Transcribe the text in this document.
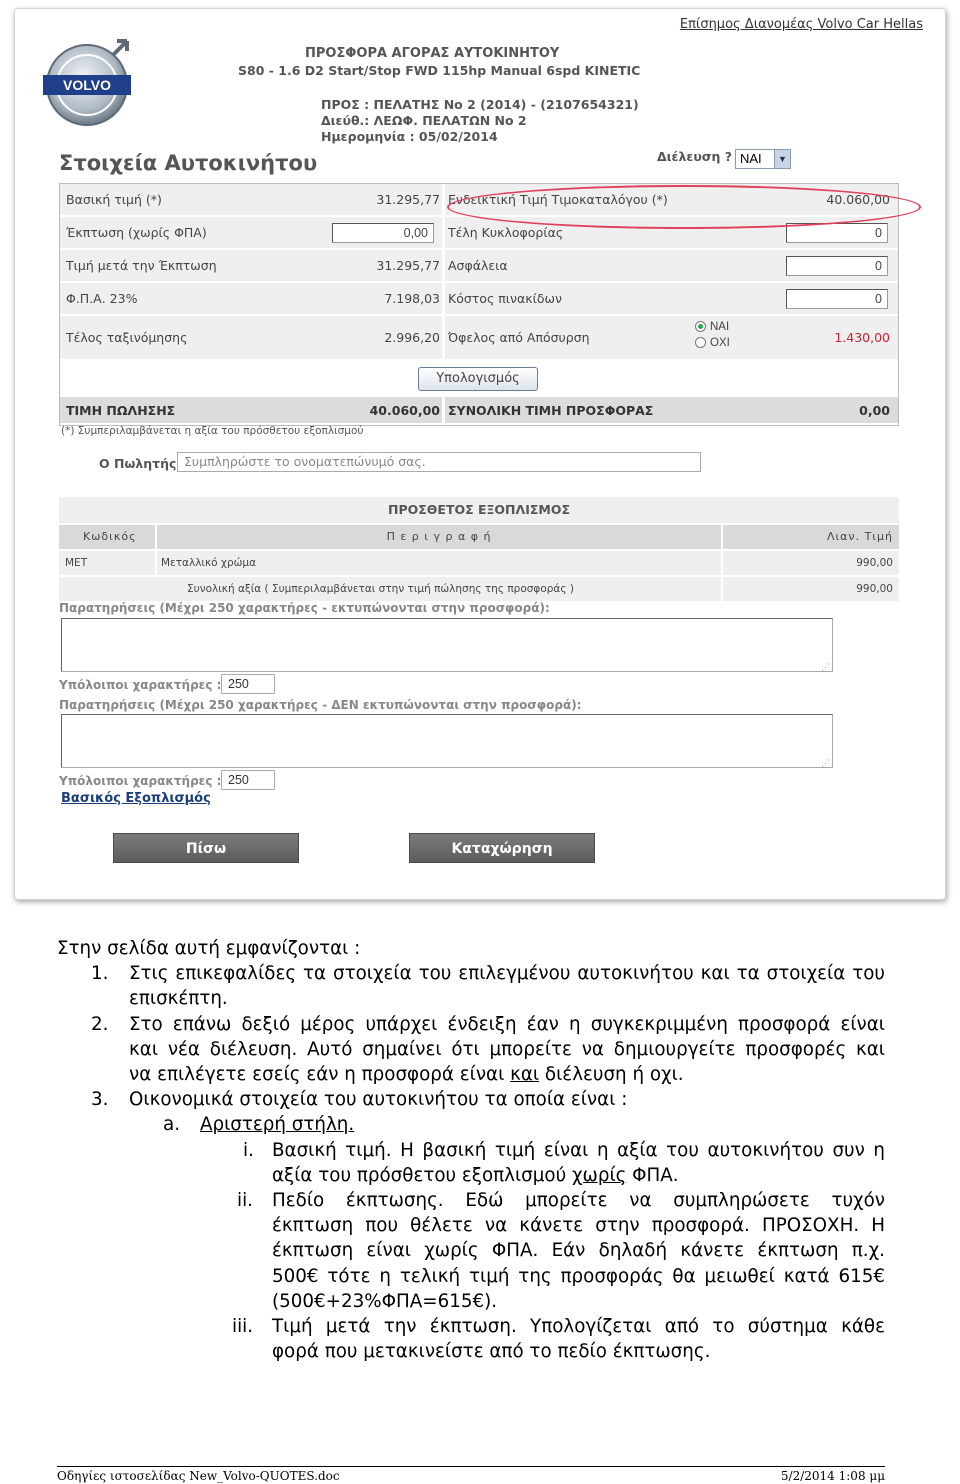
Επίσημος Διανομέας Volvo Car Hellas
VOLVO
ΠΡΟΣΦΟΡΑ ΑΓΟΡΑΣ ΑΥΤΟΚΙΝΗΤΟΥ
S80 - 1.6 D2 Start/Stop FWD 115hp Manual 6spd KINETIC
ΠΡΟΣ : ΠΕΛΑΤΗΣ No 2 (2014) - (2107654321)
Διεύθ.: ΛΕΩΦ. ΠΕΛΑΤΩΝ No 2
Ημερομηνία : 05/02/2014
Στοιχεία Αυτοκινήτου	Διέλευση ? ΝΑΙ	▼
Βασική τιμή (*)	31.295,77 Ενδεικτική Τιμή Τιμοκαταλόγου (*)	40.060,00
Έκπτωση (χωρίς ΦΠΑ)	0,00	Τέλη Κυκλοφορίας	0
Τιμή μετά την Έκπτωση	31.295,77 Ασφάλεια	0
Φ.Π.Α. 23%	7.198,03 Κόστος πινακίδων	0
Τέλος ταξινόμησης	2.996,20 Όφελος από Απόσυρση	1.430,00
Υπολογισμός
ΤΙΜΗ ΠΩΛΗΣΗΣ	40.060,00 ΣΥΝΟΛΙΚΗ ΤΙΜΗ ΠΡΟΣΦΟΡΑΣ	0,00
ΝΑΙ
ΟΧΙ
(*) Συμπεριλαμβάνεται η αξία του πρόσθετου εξοπλισμού
Ο Πωλητής Συμπληρώστε το ονοματεπώνυμό σας.
ΠΡΟΣΘΕΤΟΣ ΕΞΟΠΛΙΣΜΟΣ
Κωδικός	Π ε ρ ι γ ρ α φ ή	Λιαν. Τιμή
MET	Μεταλλικό χρώμα	990,00
Συνολική αξία ( Συμπεριλαμβάνεται στην τιμή πώλησης της προσφοράς )	990,00
Παρατηρήσεις (Μέχρι 250 χαρακτήρες - εκτυπώνονται στην προσφορά):
⋰
Υπόλοιποι χαρακτήρες : 250
Παρατηρήσεις (Μέχρι 250 χαρακτήρες - ΔΕΝ εκτυπώνονται στην προσφορά):
⋰
Υπόλοιποι χαρακτήρες : 250
Βασικός Εξοπλισμός
Πίσω	Καταχώρηση
Στην σελίδα αυτή εμφανίζονται :
1. Στις επικεφαλίδες τα στοιχεία του επιλεγμένου αυτοκινήτου και τα στοιχεία του
επισκέπτη.
2. Στο επάνω δεξιό μέρος υπάρχει ένδειξη έαν η συγκεκριμμένη προσφορά είναι
και νέα διέλευση. Αυτό σημαίνει ότι μπορείτε να δημιουργείτε προσφορές και
να επιλέγετε εσείς εάν η προσφορά είναι και διέλευση ή οχι.
3. Οικονομικά στοιχεία του αυτοκινήτου τα οποία είναι :
a. Αριστερή στήλη.
i. Βασική τιμή. Η βασική τιμή είναι η αξία του αυτοκινήτου συν η
αξία του πρόσθετου εξοπλισμού χωρίς ΦΠΑ.
ii. Πεδίο έκπτωσης. Εδώ μπορείτε να συμπληρώσετε τυχόν
έκπτωση που θέλετε να κάνετε στην προσφορά. ΠΡΟΣΟΧΗ. Η
έκπτωση είναι χωρίς ΦΠΑ. Εάν δηλαδή κάνετε έκπτωση π.χ.
500€ τότε η τελική τιμή της προσφοράς θα μειωθεί κατά 615€
(500€+23%ΦΠΑ=615€).
iii. Τιμή μετά την έκπτωση. Υπολογίζεται από το σύστημα κάθε
φορά που μετακινείστε από το πεδίο έκπτωσης.
Οδηγίες ιστοσελίδας New_Volvo-QUOTES.doc	5/2/2014 1:08 μμ
